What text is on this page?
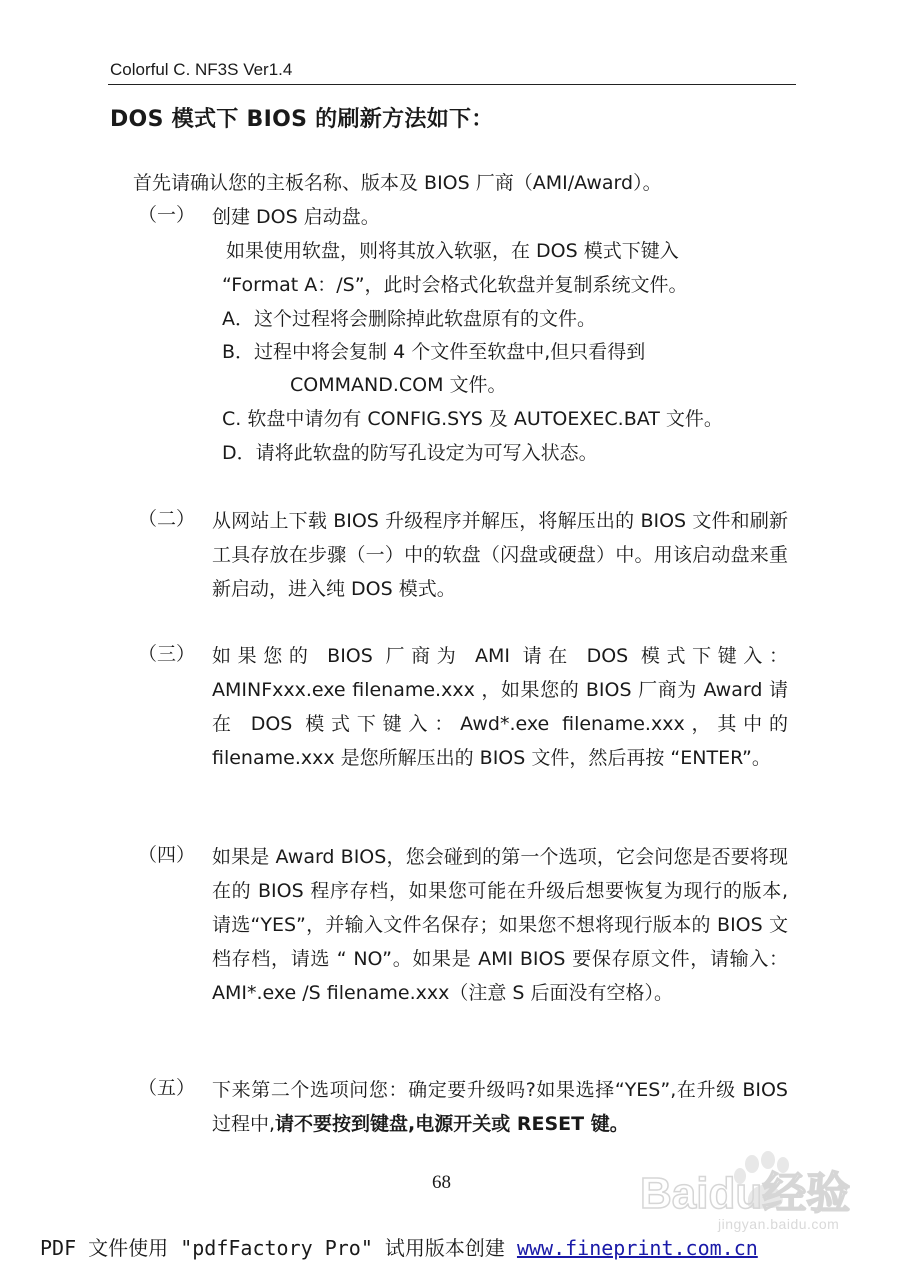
Colorful C. NF3S Ver1.4
DOS 模式下 BIOS 的刷新方法如下：
首先请确认您的主板名称、版本及 BIOS 厂商（AMI/Award）。
（一） 创建 DOS 启动盘。
如果使用软盘，则将其放入软驱，在 DOS 模式下键入
“Format A：/S”，此时会格式化软盘并复制系统文件。
A．这个过程将会删除掉此软盘原有的文件。
B．过程中将会复制 4 个文件至软盘中,但只看得到
COMMAND.COM 文件。
C. 软盘中请勿有 CONFIG.SYS 及 AUTOEXEC.BAT 文件。
D．请将此软盘的防写孔设定为可写入状态。
（二） 从网站上下载 BIOS 升级程序并解压，将解压出的 BIOS 文件和刷新工具存放在步骤（一）中的软盘（闪盘或硬盘）中。用该启动盘来重新启动，进入纯 DOS 模式。
（三） 如果您的 BIOS 厂商为 AMI 请在 DOS 模式下键入：AMINFxxx.exe filename.xxx ，如果您的 BIOS 厂商为 Award 请在 DOS 模式下键入：Awd*.exe filename.xxx，其中的 filename.xxx 是您所解压出的 BIOS 文件，然后再按 “ENTER”。
（四） 如果是 Award BIOS，您会碰到的第一个选项，它会问您是否要将现在的 BIOS 程序存档，如果您可能在升级后想要恢复为现行的版本,请选“YES”，并输入文件名保存；如果您不想将现行版本的 BIOS 文档存档，请选 “ NO”。如果是 AMI BIOS 要保存原文件，请输入：AMI*.exe /S filename.xxx（注意 S 后面没有空格）。
（五） 下来第二个选项问您：确定要升级吗?如果选择“YES”,在升级 BIOS 过程中,请不要按到键盘,电源开关或 RESET 键。
Baidu经验
jingyan.baidu.com
68
PDF 文件使用 "pdfFactory Pro" 试用版本创建 www.fineprint.com.cn
